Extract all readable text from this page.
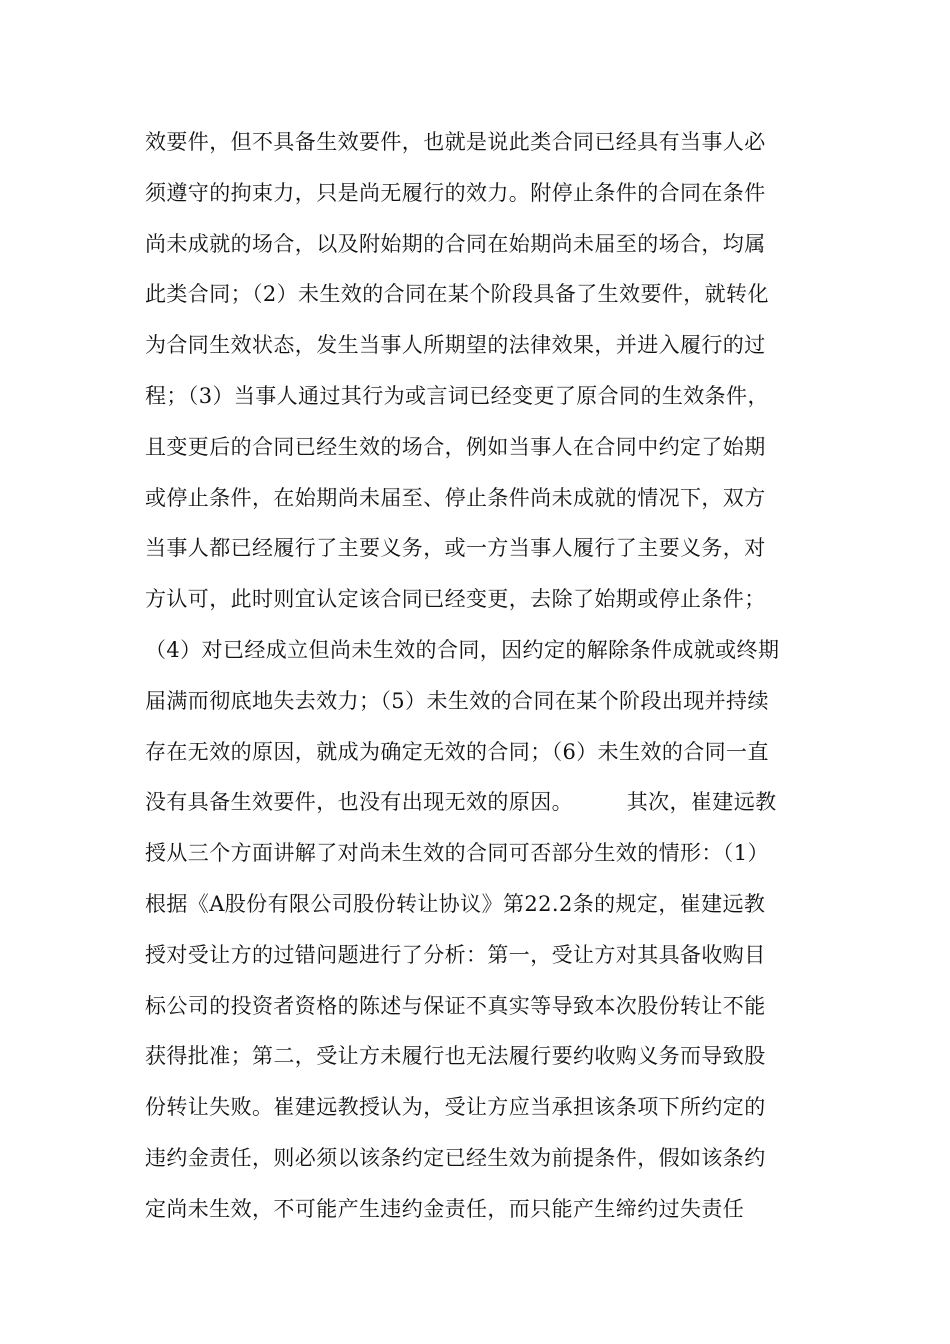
效要件，但不具备生效要件，也就是说此类合同已经具有当事人必
须遵守的拘束力，只是尚无履行的效力。附停止条件的合同在条件
尚未成就的场合，以及附始期的合同在始期尚未届至的场合，均属
此类合同；（2）未生效的合同在某个阶段具备了生效要件，就转化
为合同生效状态，发生当事人所期望的法律效果，并进入履行的过
程；（3）当事人通过其行为或言词已经变更了原合同的生效条件，
且变更后的合同已经生效的场合，例如当事人在合同中约定了始期
或停止条件，在始期尚未届至、停止条件尚未成就的情况下，双方
当事人都已经履行了主要义务，或一方当事人履行了主要义务，对
方认可，此时则宜认定该合同已经变更，去除了始期或停止条件；
（4）对已经成立但尚未生效的合同，因约定的解除条件成就或终期
届满而彻底地失去效力；（5）未生效的合同在某个阶段出现并持续
存在无效的原因，就成为确定无效的合同；（6）未生效的合同一直
没有具备生效要件，也没有出现无效的原因。　　　其次，崔建远教
授从三个方面讲解了对尚未生效的合同可否部分生效的情形：（1）
根据《A股份有限公司股份转让协议》第22.2条的规定，崔建远教
授对受让方的过错问题进行了分析：第一，受让方对其具备收购目
标公司的投资者资格的陈述与保证不真实等导致本次股份转让不能
获得批准；第二，受让方未履行也无法履行要约收购义务而导致股
份转让失败。崔建远教授认为，受让方应当承担该条项下所约定的
违约金责任，则必须以该条约定已经生效为前提条件，假如该条约
定尚未生效，不可能产生违约金责任，而只能产生缔约过失责任
